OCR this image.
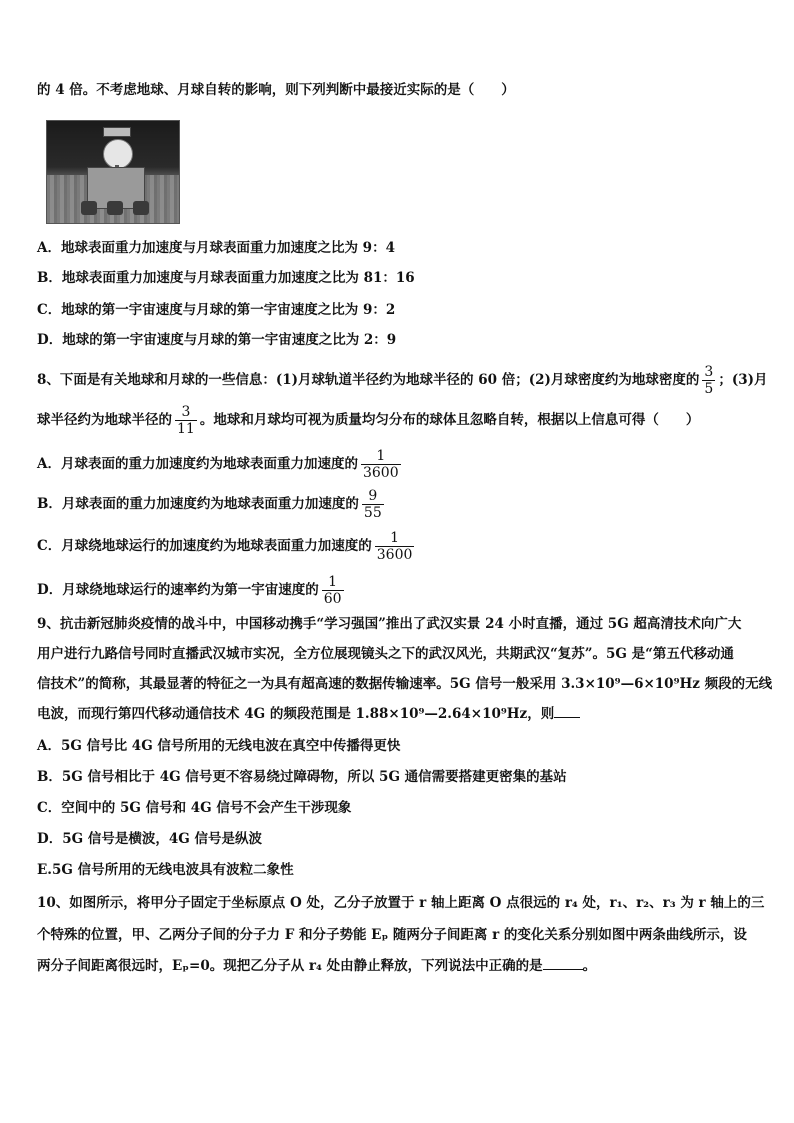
的 4 倍。不考虑地球、月球自转的影响，则下列判断中最接近实际的是（　　）
A．地球表面重力加速度与月球表面重力加速度之比为 9：4
B．地球表面重力加速度与月球表面重力加速度之比为 81：16
C．地球的第一宇宙速度与月球的第一宇宙速度之比为 9：2
D．地球的第一宇宙速度与月球的第一宇宙速度之比为 2：9
8、下面是有关地球和月球的一些信息：(1)月球轨道半径约为地球半径的 60 倍；(2)月球密度约为地球密度的 $\frac{3}{5}$ ；(3)月
球半径约为地球半径的 $\frac{3}{11}$ 。地球和月球均可视为质量均匀分布的球体且忽略自转，根据以上信息可得（　　）
A．月球表面的重力加速度约为地球表面重力加速度的 $\frac{1}{3600}$
B．月球表面的重力加速度约为地球表面重力加速度的 $\frac{9}{55}$
C．月球绕地球运行的加速度约为地球表面重力加速度的 $\frac{1}{3600}$
D．月球绕地球运行的速率约为第一宇宙速度的 $\frac{1}{60}$
9、抗击新冠肺炎疫情的战斗中，中国移动携手“学习强国”推出了武汉实景 24 小时直播，通过 5G 超高清技术向广大
用户进行九路信号同时直播武汉城市实况，全方位展现镜头之下的武汉风光，共期武汉“复苏”。5G 是“第五代移动通
信技术”的简称，其最显著的特征之一为具有超高速的数据传输速率。5G 信号一般采用 3.3×10⁹—6×10⁹Hz 频段的无线
电波，而现行第四代移动通信技术 4G 的频段范围是 1.88×10⁹—2.64×10⁹Hz，则
A．5G 信号比 4G 信号所用的无线电波在真空中传播得更快
B．5G 信号相比于 4G 信号更不容易绕过障碍物，所以 5G 通信需要搭建更密集的基站
C．空间中的 5G 信号和 4G 信号不会产生干涉现象
D．5G 信号是横波，4G 信号是纵波
E.5G 信号所用的无线电波具有波粒二象性
10、如图所示，将甲分子固定于坐标原点 O 处，乙分子放置于 r 轴上距离 O 点很远的 r₄ 处，r₁、r₂、r₃ 为 r 轴上的三
个特殊的位置，甲、乙两分子间的分子力 F 和分子势能 Eₚ 随两分子间距离 r 的变化关系分别如图中两条曲线所示，设
两分子间距离很远时，Eₚ=0。现把乙分子从 r₄ 处由静止释放，下列说法中正确的是	。
